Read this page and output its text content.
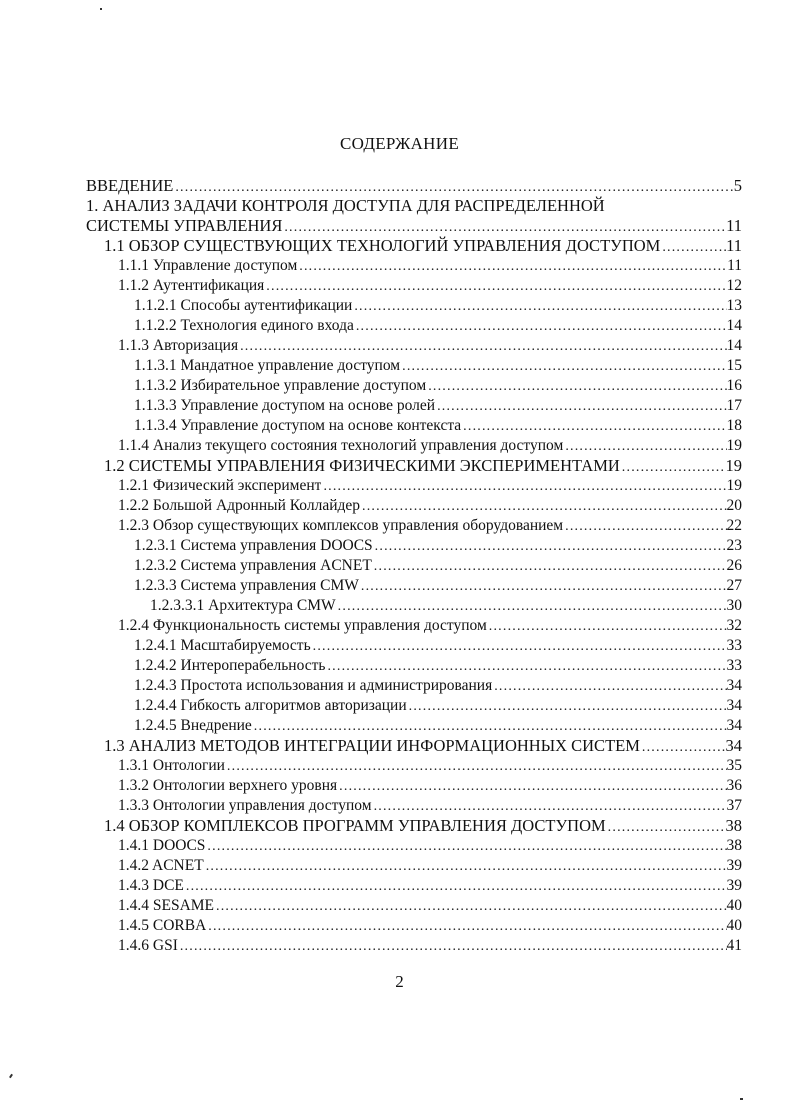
СОДЕРЖАНИЕ
ВВЕДЕНИЕ .....	5
1. АНАЛИЗ ЗАДАЧИ КОНТРОЛЯ ДОСТУПА ДЛЯ РАСПРЕДЕЛЕННОЙ
СИСТЕМЫ УПРАВЛЕНИЯ .....	11
1.1 ОБЗОР СУЩЕСТВУЮЩИХ ТЕХНОЛОГИЙ УПРАВЛЕНИЯ ДОСТУПОМ .....	11
1.1.1 Управление доступом .....	11
1.1.2 Аутентификация .....	12
1.1.2.1 Способы аутентификации .....	13
1.1.2.2 Технология единого входа .....	14
1.1.3 Авторизация .....	14
1.1.3.1 Мандатное управление доступом .....	15
1.1.3.2 Избирательное управление доступом .....	16
1.1.3.3 Управление доступом на основе ролей .....	17
1.1.3.4 Управление доступом на основе контекста .....	18
1.1.4 Анализ текущего состояния технологий управления доступом .....	19
1.2 СИСТЕМЫ УПРАВЛЕНИЯ ФИЗИЧЕСКИМИ ЭКСПЕРИМЕНТАМИ .....	19
1.2.1 Физический эксперимент .....	19
1.2.2 Большой Адронный Коллайдер .....	20
1.2.3 Обзор существующих комплексов управления оборудованием .....	22
1.2.3.1 Система управления DOOCS .....	23
1.2.3.2 Система управления ACNET .....	26
1.2.3.3 Система управления CMW .....	27
1.2.3.3.1 Архитектура CMW .....	30
1.2.4 Функциональность системы управления доступом .....	32
1.2.4.1 Масштабируемость .....	33
1.2.4.2 Интероперабельность .....	33
1.2.4.3 Простота использования и администрирования .....	34
1.2.4.4 Гибкость алгоритмов авторизации .....	34
1.2.4.5 Внедрение .....	34
1.3 АНАЛИЗ МЕТОДОВ ИНТЕГРАЦИИ ИНФОРМАЦИОННЫХ СИСТЕМ .....	34
1.3.1 Онтологии .....	35
1.3.2 Онтологии верхнего уровня .....	36
1.3.3 Онтологии управления доступом .....	37
1.4 ОБЗОР КОМПЛЕКСОВ ПРОГРАММ УПРАВЛЕНИЯ ДОСТУПОМ .....	38
1.4.1 DOOCS .....	38
1.4.2 ACNET .....	39
1.4.3 DCE .....	39
1.4.4 SESAME .....	40
1.4.5 CORBA .....	40
1.4.6 GSI .....	41
2
